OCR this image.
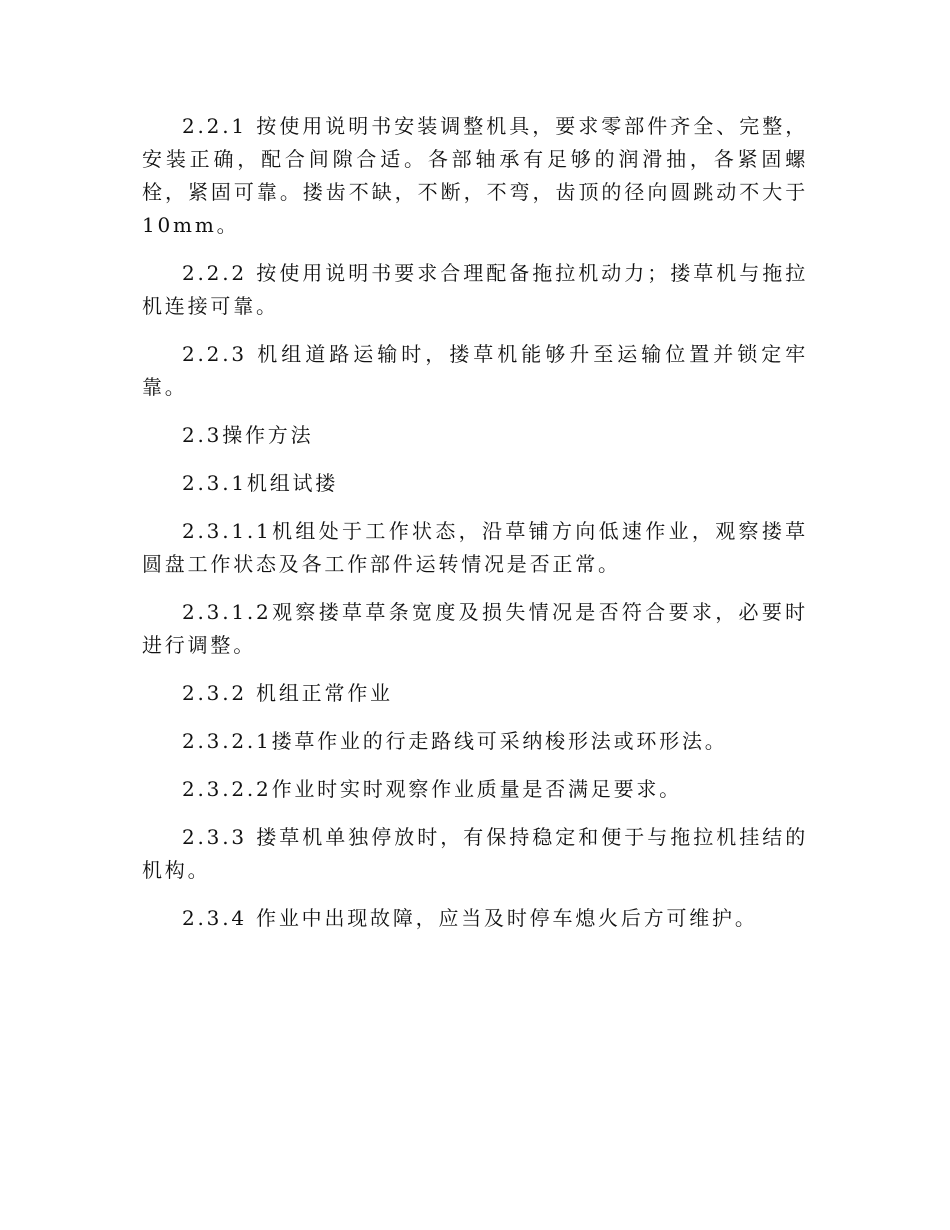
2.2.1 按使用说明书安装调整机具，要求零部件齐全、完整，安装正确，配合间隙合适。各部轴承有足够的润滑抽，各紧固螺栓，紧固可靠。搂齿不缺，不断，不弯，齿顶的径向圆跳动不大于10mm。

2.2.2 按使用说明书要求合理配备拖拉机动力；搂草机与拖拉机连接可靠。

2.2.3 机组道路运输时，搂草机能够升至运输位置并锁定牢靠。

2.3操作方法

2.3.1机组试搂

2.3.1.1机组处于工作状态，沿草铺方向低速作业，观察搂草圆盘工作状态及各工作部件运转情况是否正常。

2.3.1.2观察搂草草条宽度及损失情况是否符合要求，必要时进行调整。

2.3.2 机组正常作业

2.3.2.1搂草作业的行走路线可采纳梭形法或环形法。

2.3.2.2作业时实时观察作业质量是否满足要求。

2.3.3 搂草机单独停放时，有保持稳定和便于与拖拉机挂结的机构。

2.3.4 作业中出现故障，应当及时停车熄火后方可维护。
